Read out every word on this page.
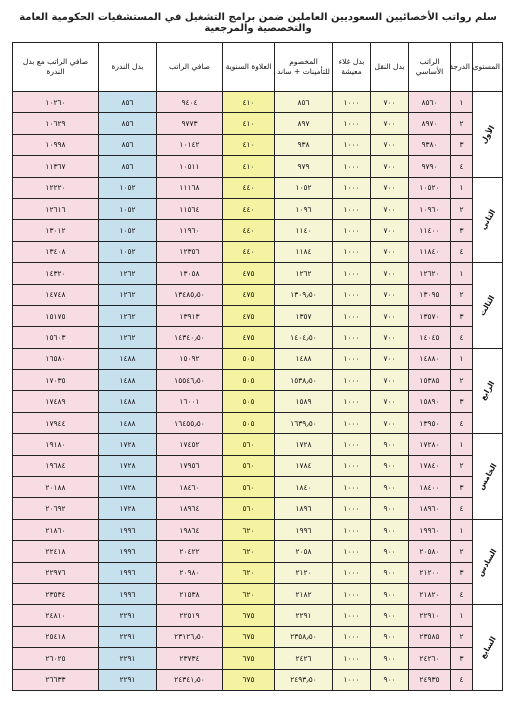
سلم رواتب الأخصائيين السعوديين العاملين ضمن برامج التشغيل في المستشفيات الحكومية العامة والتخصصية والمرجعية
المستوى	الدرجة	الراتب الأساسي	بدل النقل	بدل غلاء معيشة	المخصوم للتأمينات + ساند	العلاوة السنوية	صافي الراتب	بدل الندرة	صافي الراتب مع بدل الندرة
الأول	١	٨٥٦٠	٧٠٠	١٠٠٠	٨٥٦	٤١٠	٩٤٠٤	٨٥٦	١٠٢٦٠
	٢	٨٩٧٠	٧٠٠	١٠٠٠	٨٩٧	٤١٠	٩٧٧٣	٨٥٦	١٠٦٢٩
	٣	٩٣٨٠	٧٠٠	١٠٠٠	٩٣٨	٤١٠	١٠١٤٢	٨٥٦	١٠٩٩٨
	٤	٩٧٩٠	٧٠٠	١٠٠٠	٩٧٩	٤١٠	١٠٥١١	٨٥٦	١١٣٦٧
الثاني	١	١٠٥٢٠	٧٠٠	١٠٠٠	١٠٥٢	٤٤٠	١١١٦٨	١٠٥٢	١٢٢٢٠
	٢	١٠٩٦٠	٧٠٠	١٠٠٠	١٠٩٦	٤٤٠	١١٥٦٤	١٠٥٢	١٢٦١٦
	٣	١١٤٠٠	٧٠٠	١٠٠٠	١١٤٠	٤٤٠	١١٩٦٠	١٠٥٢	١٣٠١٢
	٤	١١٨٤٠	٧٠٠	١٠٠٠	١١٨٤	٤٤٠	١٢٣٥٦	١٠٥٢	١٣٤٠٨
الثالث	١	١٢٦٢٠	٧٠٠	١٠٠٠	١٢٦٢	٤٧٥	١٣٠٥٨	١٢٦٢	١٤٣٢٠
	٢	١٣٠٩٥	٧٠٠	١٠٠٠	١٣٠٩٫٥٠	٤٧٥	١٣٤٨٥٫٥٠	١٢٦٢	١٤٧٤٨
	٣	١٣٥٧٠	٧٠٠	١٠٠٠	١٣٥٧	٤٧٥	١٣٩١٣	١٢٦٢	١٥١٧٥
	٤	١٤٠٤٥	٧٠٠	١٠٠٠	١٤٠٤٫٥٠	٤٧٥	١٤٣٤٠٫٥٠	١٢٦٢	١٥٦٠٣
الرابع	١	١٤٨٨٠	٧٠٠	١٠٠٠	١٤٨٨	٥٠٥	١٥٠٩٢	١٤٨٨	١٦٥٨٠
	٢	١٥٣٨٥	٧٠٠	١٠٠٠	١٥٣٨٫٥٠	٥٠٥	١٥٥٤٦٫٥٠	١٤٨٨	١٧٠٣٥
	٣	١٥٨٩٠	٧٠٠	١٠٠٠	١٥٨٩	٥٠٥	١٦٠٠١	١٤٨٨	١٧٤٨٩
	٤	١٣٩٥٠	٧٠٠	١٠٠٠	١٦٣٩٫٥٠	٥٠٥	١٦٤٥٥٫٥٠	١٤٨٨	١٧٩٤٤
الخامس	١	١٧٢٨٠	٩٠٠	١٠٠٠	١٧٢٨	٥٦٠	١٧٤٥٢	١٧٢٨	١٩١٨٠
	٢	١٧٨٤٠	٩٠٠	١٠٠٠	١٧٨٤	٥٦٠	١٧٩٥٦	١٧٢٨	١٩٦٨٤
	٣	١٨٤٠٠	٩٠٠	١٠٠٠	١٨٤٠	٥٦٠	١٨٤٦٠	١٧٢٨	٢٠١٨٨
	٤	١٨٩٦٠	٩٠٠	١٠٠٠	١٨٩٦	٥٦٠	١٨٩٦٤	١٧٢٨	٢٠٦٩٢
السادس	١	١٩٩٦٠	٩٠٠	١٠٠٠	١٩٩٦	٦٢٠	١٩٨٦٤	١٩٩٦	٢١٨٦٠
	٢	٢٠٥٨٠	٩٠٠	١٠٠٠	٢٠٥٨	٦٢٠	٢٠٤٢٢	١٩٩٦	٢٢٤١٨
	٣	٢١٢٠٠	٩٠٠	١٠٠٠	٢١٢٠	٦٢٠	٢٠٩٨٠	١٩٩٦	٢٢٩٧٦
	٤	٢١٨٢٠	٩٠٠	١٠٠٠	٢١٨٢	٦٢٠	٢١٥٣٨	١٩٩٦	٢٣٥٣٤
السابع	١	٢٢٩١٠	٩٠٠	١٠٠٠	٢٢٩١	٦٧٥	٢٢٥١٩	٢٢٩١	٢٤٨١٠
	٢	٢٣٥٨٥	٩٠٠	١٠٠٠	٢٣٥٨٫٥٠	٦٧٥	٢٣١٢٦٫٥٠	٢٢٩١	٢٥٤١٨
	٣	٢٤٢٦٠	٩٠٠	١٠٠٠	٢٤٢٦	٦٧٥	٢٣٧٣٤	٢٢٩١	٢٦٠٢٥
	٤	٢٤٩٣٥	٩٠٠	١٠٠٠	٢٤٩٣٫٥٠	٦٧٥	٢٤٣٤١٫٥٠	٢٢٩١	٢٦٦٣٣
